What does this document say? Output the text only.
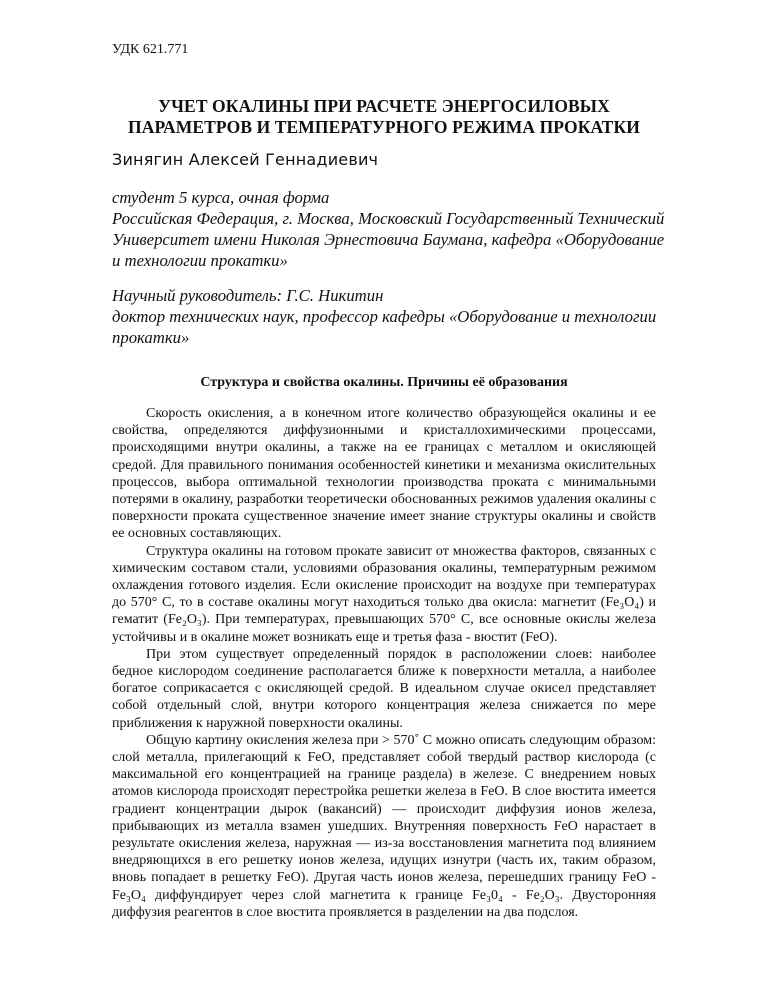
УДК 621.771
УЧЕТ ОКАЛИНЫ ПРИ РАСЧЕТЕ ЭНЕРГОСИЛОВЫХ
ПАРАМЕТРОВ И ТЕМПЕРАТУРНОГО РЕЖИМА ПРОКАТКИ
Зинягин Алексей Геннадиевич
студент 5 курса, очная форма
Российская Федерация, г. Москва, Московский Государственный Технический
Университет имени Николая Эрнестовича Баумана, кафедра «Оборудование
и технологии прокатки»
Научный руководитель: Г.С. Никитин
доктор технических наук, профессор кафедры «Оборудование и технологии
прокатки»
Структура и свойства окалины. Причины её образования

Скорость окисления, а в конечном итоге количество образующейся окалины и ее свойства, определяются диффузионными и кристаллохимическими процессами, происходящими внутри окалины, а также на ее границах с металлом и окисляющей средой. Для правильного понимания особенностей кинетики и механизма окислительных процессов, выбора оптимальной технологии производства проката с минимальными потерями в окалину, разработки теоретически обоснованных режимов удаления окалины с поверхности проката существенное значение имеет знание структуры окалины и свойств ее основных составляющих.

Структура окалины на готовом прокате зависит от множества факторов, связанных с химическим составом стали, условиями образования окалины, температурным режимом охлаждения готового изделия. Если окисление происходит на воздухе при температурах до 570° С, то в составе окалины могут находиться только два окисла: магнетит (Fe₃O₄) и гематит (Fe₂O₃). При температурах, превышающих 570° С, все основные окислы железа устойчивы и в окалине может возникать еще и третья фаза - вюстит (FeO).

При этом существует определенный порядок в расположении слоев: наиболее бедное кислородом соединение располагается ближе к поверхности металла, а наиболее богатое соприкасается с окисляющей средой. В идеальном случае окисел представляет собой отдельный слой, внутри которого концентрация железа снижается по мере приближения к наружной поверхности окалины.

Общую картину окисления железа при > 570˚ С можно описать следующим образом: слой металла, прилегающий к FeO, представляет собой твердый раствор кислорода (с максимальной его концентрацией на границе раздела) в железе. С внедрением новых атомов кислорода происходят перестройка решетки железа в FeO. В слое вюстита имеется градиент концентрации дырок (вакансий) — происходит диффузия ионов железа, прибывающих из металла взамен ушедших. Внутренняя поверхность FeO нарастает в результате окисления железа, наружная — из-за восстановления магнетита под влиянием внедряющихся в его решетку ионов железа, идущих изнутри (часть их, таким образом, вновь попадает в решетку FeO). Другая часть ионов железа, перешедших границу FeO - Fe₃O₄ диффундирует через слой магнетита к границе Fe₃0₄ - Fe₂O₃. Двусторонняя диффузия реагентов в слое вюстита проявляется в разделении на два подслоя.
